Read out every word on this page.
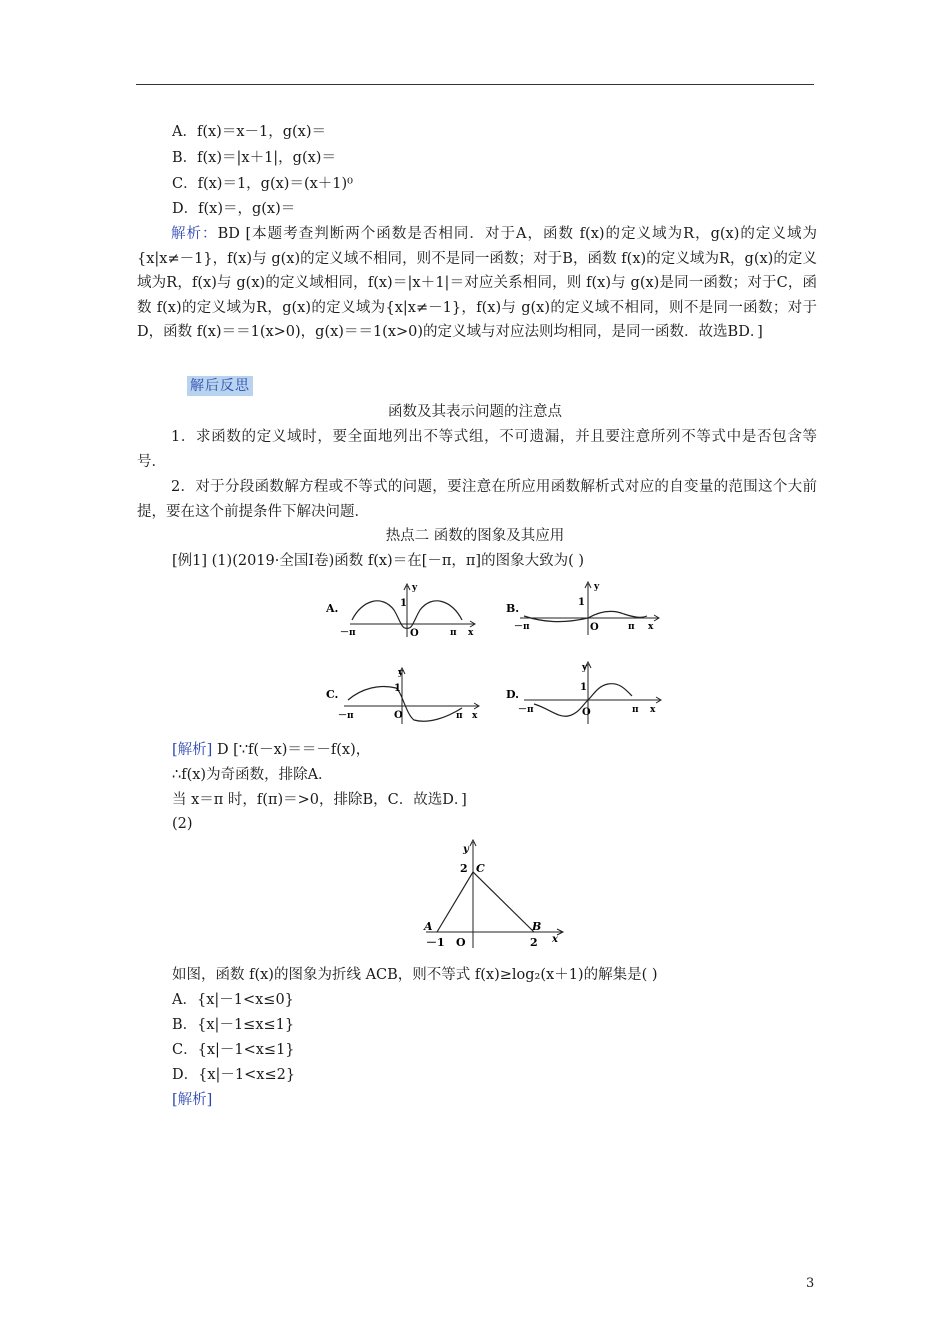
A．f(x)＝x－1，g(x)＝
B．f(x)＝|x＋1|，g(x)＝
C．f(x)＝1，g(x)＝(x＋1)⁰
D．f(x)＝，g(x)＝
解析：BD [本题考查判断两个函数是否相同．对于A，函数 f(x)的定义域为R，g(x)的定义域为{x|x≠－1}，f(x)与 g(x)的定义域不相同，则不是同一函数；对于B，函数 f(x)的定义域为R，g(x)的定义域为R，f(x)与 g(x)的定义域相同，f(x)＝|x＋1|＝对应关系相同，则 f(x)与 g(x)是同一函数；对于C，函数 f(x)的定义域为R，g(x)的定义域为{x|x≠－1}，f(x)与 g(x)的定义域不相同，则不是同一函数；对于D，函数 f(x)＝＝1(x>0)，g(x)＝＝1(x>0)的定义域与对应法则均相同，是同一函数．故选BD．]
解后反思
函数及其表示问题的注意点
1．求函数的定义域时，要全面地列出不等式组，不可遗漏，并且要注意所列不等式中是否包含等号．
2．对于分段函数解方程或不等式的问题，要注意在所应用函数解析式对应的自变量的范围这个大前提，要在这个前提条件下解决问题．
热点二 函数的图象及其应用
[例1] (1)(2019·全国Ⅰ卷)函数 f(x)＝在[－π，π]的图象大致为( )
A.
y
1
O
－π	π x
B.
y
1
O
－π	π x
C.
y
1
O
－π	π x
D.
y
1
O
－π	π x
[解析] D [∵f(－x)＝＝－f(x)，
∴f(x)为奇函数，排除A．
当 x＝π 时，f(π)＝>0，排除B，C．故选D．]
(2)
y
2 C
A	B
－1 O	2 x
如图，函数 f(x)的图象为折线 ACB，则不等式 f(x)≥log₂(x＋1)的解集是( )
A．{x|－1<x≤0}
B．{x|－1≤x≤1}
C．{x|－1<x≤1}
D．{x|－1<x≤2}
[解析]
3
